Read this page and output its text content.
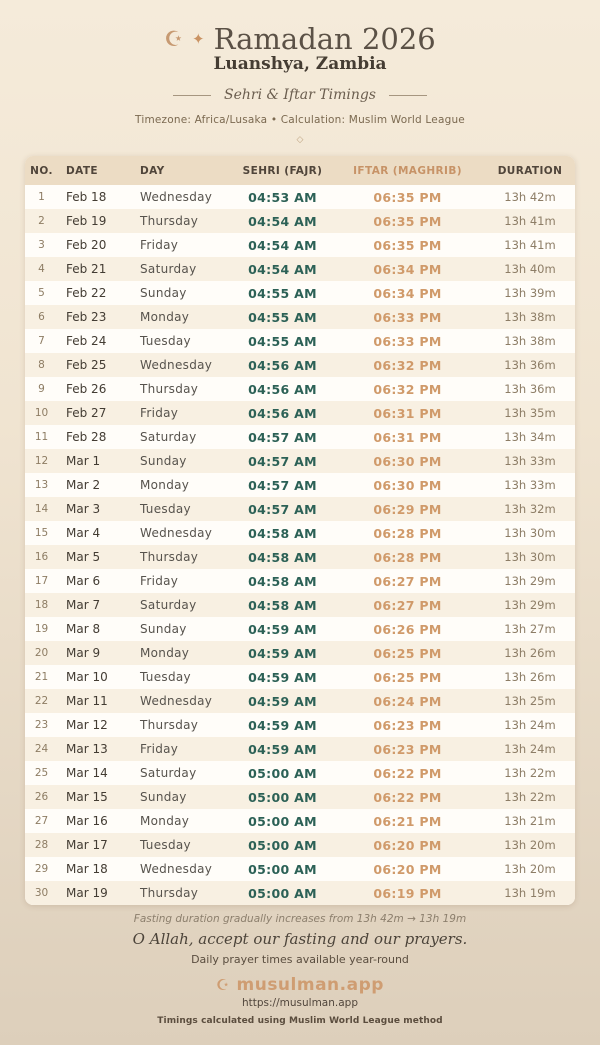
☪ ✦ Ramadan 2026
Luanshya, Zambia
Sehri & Iftar Timings
Timezone: Africa/Lusaka • Calculation: Muslim World League
◇
NO.	DATE	DAY	SEHRI (FAJR)	IFTAR (MAGHRIB)	DURATION
1	Feb 18	Wednesday	04:53 AM	06:35 PM	13h 42m
2	Feb 19	Thursday	04:54 AM	06:35 PM	13h 41m
3	Feb 20	Friday	04:54 AM	06:35 PM	13h 41m
4	Feb 21	Saturday	04:54 AM	06:34 PM	13h 40m
5	Feb 22	Sunday	04:55 AM	06:34 PM	13h 39m
6	Feb 23	Monday	04:55 AM	06:33 PM	13h 38m
7	Feb 24	Tuesday	04:55 AM	06:33 PM	13h 38m
8	Feb 25	Wednesday	04:56 AM	06:32 PM	13h 36m
9	Feb 26	Thursday	04:56 AM	06:32 PM	13h 36m
10	Feb 27	Friday	04:56 AM	06:31 PM	13h 35m
11	Feb 28	Saturday	04:57 AM	06:31 PM	13h 34m
12	Mar 1	Sunday	04:57 AM	06:30 PM	13h 33m
13	Mar 2	Monday	04:57 AM	06:30 PM	13h 33m
14	Mar 3	Tuesday	04:57 AM	06:29 PM	13h 32m
15	Mar 4	Wednesday	04:58 AM	06:28 PM	13h 30m
16	Mar 5	Thursday	04:58 AM	06:28 PM	13h 30m
17	Mar 6	Friday	04:58 AM	06:27 PM	13h 29m
18	Mar 7	Saturday	04:58 AM	06:27 PM	13h 29m
19	Mar 8	Sunday	04:59 AM	06:26 PM	13h 27m
20	Mar 9	Monday	04:59 AM	06:25 PM	13h 26m
21	Mar 10	Tuesday	04:59 AM	06:25 PM	13h 26m
22	Mar 11	Wednesday	04:59 AM	06:24 PM	13h 25m
23	Mar 12	Thursday	04:59 AM	06:23 PM	13h 24m
24	Mar 13	Friday	04:59 AM	06:23 PM	13h 24m
25	Mar 14	Saturday	05:00 AM	06:22 PM	13h 22m
26	Mar 15	Sunday	05:00 AM	06:22 PM	13h 22m
27	Mar 16	Monday	05:00 AM	06:21 PM	13h 21m
28	Mar 17	Tuesday	05:00 AM	06:20 PM	13h 20m
29	Mar 18	Wednesday	05:00 AM	06:20 PM	13h 20m
30	Mar 19	Thursday	05:00 AM	06:19 PM	13h 19m
Fasting duration gradually increases from 13h 42m → 13h 19m
O Allah, accept our fasting and our prayers.
Daily prayer times available year-round
☪ musulman.app
https://musulman.app
Timings calculated using Muslim World League method
